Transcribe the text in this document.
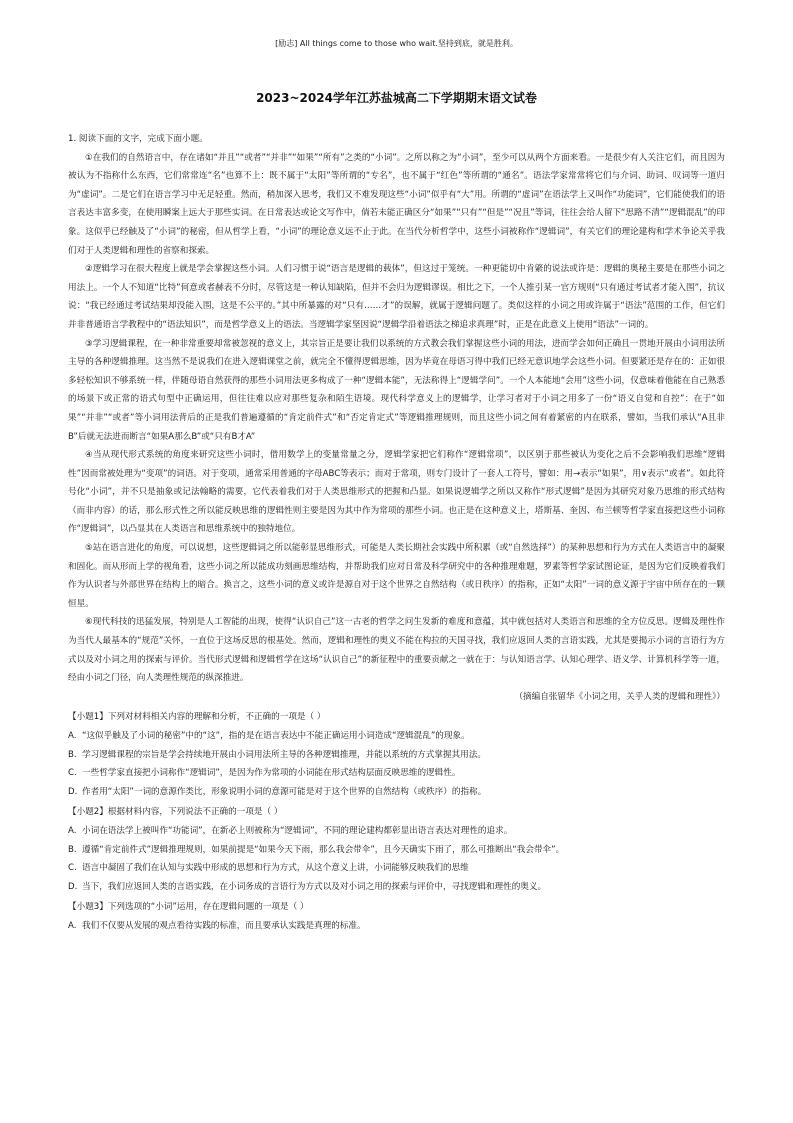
[励志] All things come to those who wait.坚持到底，就是胜利。
2023~2024学年江苏盐城高二下学期期末语文试卷

1. 阅读下面的文字，完成下面小题。

①在我们的自然语言中，存在诸如“并且”“或者”“并非”“如果”“所有”之类的“小词”。之所以称之为“小词”，至少可以从两个方面来看。一是很少有人关注它们，而且因为被认为不指称什么东西，它们常常连“名”也算不上：既不属于“太阳”等所谓的“专名”，也不属于“红色”等所谓的“通名”。语法学家常常将它们与介词、助词、叹词等一道归为“虚词”。二是它们在语言学习中无足轻重。然而，稍加深入思考，我们又不难发现这些“小词”似乎有“大”用。所谓的“虚词”在语法学上又叫作“功能词”，它们能使我们的语言表达丰富多变，在使用瞬案上远大于那些实词。在日常表达或论文写作中，倘若未能正确区分“如果”“只有”“但是”“况且”等词，往往会给人留下“思路不清”“逻辑混乱”的印象。这似乎已经触及了“小词”的秘密，但从哲学上看，“小词”的理论意义远不止于此。在当代分析哲学中，这些小词被称作“逻辑词”，有关它们的理论建构和学术争论关乎我们对于人类逻辑和理性的省察和探索。

②逻辑学习在很大程度上就是学会掌握这些小词。人们习惯于说“语言是逻辑的载体”，但这过于笼统。一种更能切中肯綮的说法或许是：逻辑的奥秘主要是在那些小词之用法上。一个人不知道“比特”何意或者赫表不分时，尽管这是一种认知缺陷，但并不会归为逻辑谬误。相比之下，一个人推引某一官方规则“只有通过考试者才能入围”，抗议说：“我已经通过考试结果却没能入围，这是不公平的。”其中所暴露的对“只有……才”的误解，就属于逻辑问题了。类似这样的小词之用或许属于“语法”范围的工作，但它们并非普通语言学教程中的“语法知识”，而是哲学意义上的语法。当逻辑学家坚因说“逻辑学沿着语法之梯追求真理”时，正是在此意义上使用“语法”一词的。

③学习逻辑课程，在一种非常重要却常被忽视的意义上，其宗旨正是要让我们以系统的方式教会我们掌握这些小词的用法，进而学会如何正确且一贯地开展由小词用法所主导的各种逻辑推理。这当然不是说我们在进入逻辑课堂之前，就完全不懂得逻辑思维，因为毕竟在母语习得中我们已经无意识地学会这些小词。但要紧还是存在的：正如很多轻松知识不够系统一样，伴随母语自然获得的那些小词用法更多构成了一种“逻辑本能”，无法称得上“逻辑学问”。一个人本能地“会用”这些小词，仅意味着他能在自己熟悉的场景下或正常的语式句型中正确运用，但往往难以应对那些复杂和陌生语境。现代科学意义上的逻辑学，让学习者对于小词之用多了一份“语义自觉和自控”：在于“如果”“并非”“或者”等小词用法背后的正是我们普遍遵循的“肯定前件式”和“否定肯定式”等逻辑推理规则，而且这些小词之间有着紧密的内在联系，譬如，当我们承认“A且非B”后就无法进而断言“如果A那么B”或“只有B才A”

④当从现代形式系统的角度来研究这些小词时，借用数学上的变量常量之分，逻辑学家把它们称作“逻辑常项”，以区别于那些被认为变化之后不会影响我们思维“逻辑性”因而常被处理为“变项”的词语。对于变项，通常采用普通的字母ABC等表示；而对于常项，则专门设计了一套人工符号，譬如：用→表示“如果”，用∨表示“或者”。如此符号化“小词”，并不只是抽象或记法翰略的需要，它代表着我们对于人类思维形式的把握和凸显。如果说逻辑学之所以又称作“形式逻辑”是因为其研究对象乃思维的形式结构（而非内容）的话，那么形式性之所以能反映思维的逻辑性则主要是因为其中作为常项的那些小词。也正是在这种意义上，塔斯基、奎因、布兰顿等哲学家直接把这些小词称作“逻辑词”，以凸显其在人类语言和思维系统中的独特地位。

⑤站在语言进化的角度，可以说想，这些逻辑词之所以能彰显思维形式，可能是人类长期社会实践中所积累（或“自然选择”）的某种思想和行为方式在人类语言中的凝聚和固化。而从形而上学的视角看，这些小词之所以能成功刻画思维结构，并帮助我们应对日常及科学研究中的各种推理难题，罗素等哲学家试图论证，是因为它们反映着我们作为认识者与外部世界在结构上的暗合。换言之，这些小词的意义或许是源自对于这个世界之自然结构（或日秩序）的指称，正如“太阳”一词的意义源于宇宙中所存在的一颗恒星。

⑥现代科技的迅猛发展，特别是人工智能的出现，使得“认识自己”这一古老的哲学之问生发新的难度和意蕴，其中就包括对人类语言和思维的全方位反思。逻辑及理性作为当代人最基本的“规范”关怀，一直位于这场反思的根基处。然而，逻辑和理性的奥义不能在构拉的天国寻找，我们应返回人类的言语实践，尤其是要揭示小词的言语行为方式以及对小词之用的探索与评价。当代形式逻辑和逻辑哲学在这场“认识自己”的新征程中的重要贡献之一就在于：与认知语言学、认知心理学、语义学、计算机科学等一道，经由小词之门径，向人类理性规范的纵深推进。

（摘编自张留华《小词之用，关乎人类的逻辑和理性》）

【小题1】下列对材料相关内容的理解和分析，不正确的一项是（ ）

A. “这似乎触及了小词的秘密”中的“这”，指的是在语言表达中不能正确运用小词造成“逻辑混乱”的现象。

B. 学习逻辑课程的宗旨是学会持续地开展由小词用法所主导的各种逻辑推理，并能以系统的方式掌握其用法。

C. 一些哲学家直接把小词称作“逻辑词”，是因为作为常项的小词能在形式结构层面反映思维的逻辑性。

D. 作者用“太阳”一词的意源作类比，形象说明小词的意源可能是对于这个世界的自然结构（或秩序）的指称。

【小题2】根据材料内容，下列说法不正确的一项是（ ）

A. 小词在语法学上被叫作“功能词”，在新必上则被称为“逻辑词”，不同的理论建构都彰显出语言表达对理性的追求。

B. 遵循“肯定前件式”逻辑推理规则，如果前提是“如果今天下雨，那么我会带伞”，且今天确实下雨了，那么可推断出“我会带伞”。

C. 语言中凝固了我们在认知与实践中形成的思想和行为方式，从这个意义上讲，小词能够反映我们的思维

D. 当下，我们应返回人类的言语实践，在小词务成的言语行为方式以及对小词之用的探索与评价中，寻找逻辑和理性的奥义。

【小题3】下列选项的“小词”运用，存在逻辑问题的一项是（ ）

A. 我们不仅要从发展的观点看待实践的标准，而且要承认实践是真理的标准。
